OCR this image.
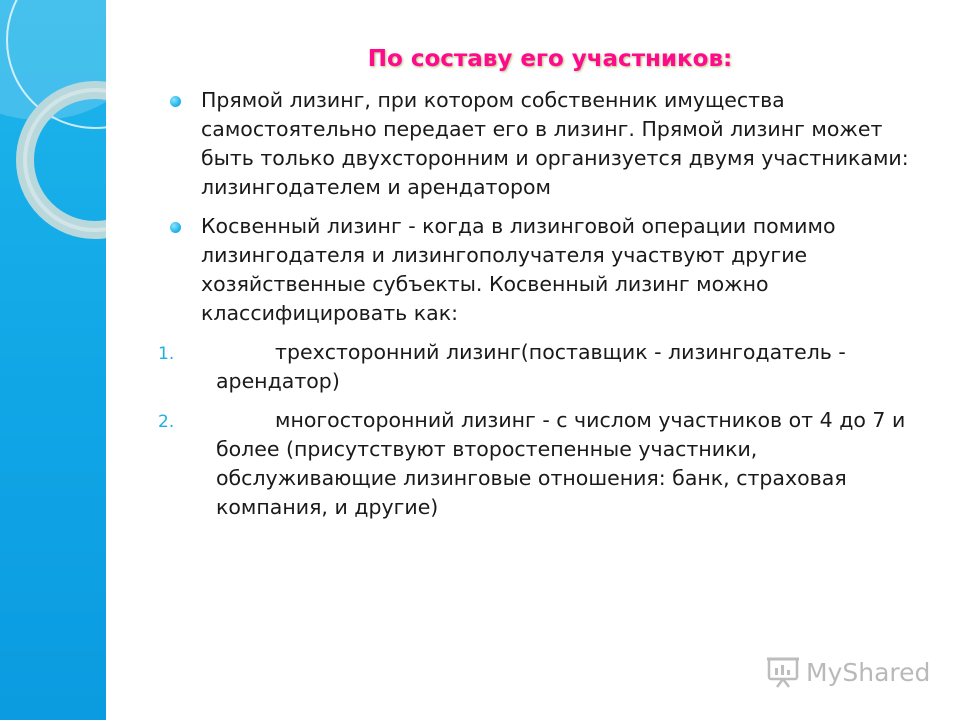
По составу его участников:
Прямой лизинг, при котором собственник имущества самостоятельно передает его в лизинг. Прямой лизинг может быть только двухсторонним и организуется двумя участниками: лизингодателем и арендатором
Косвенный лизинг - когда в лизинговой операции помимо лизингодателя и лизингополучателя участвуют другие хозяйственные субъекты. Косвенный лизинг можно классифицировать как:
1.	трехсторонний лизинг(поставщик - лизингодатель - арендатор)
2.	многосторонний лизинг - с числом участников от 4 до 7 и более (присутствуют второстепенные участники, обслуживающие лизинговые отношения: банк, страховая компания, и другие)
MyShared
